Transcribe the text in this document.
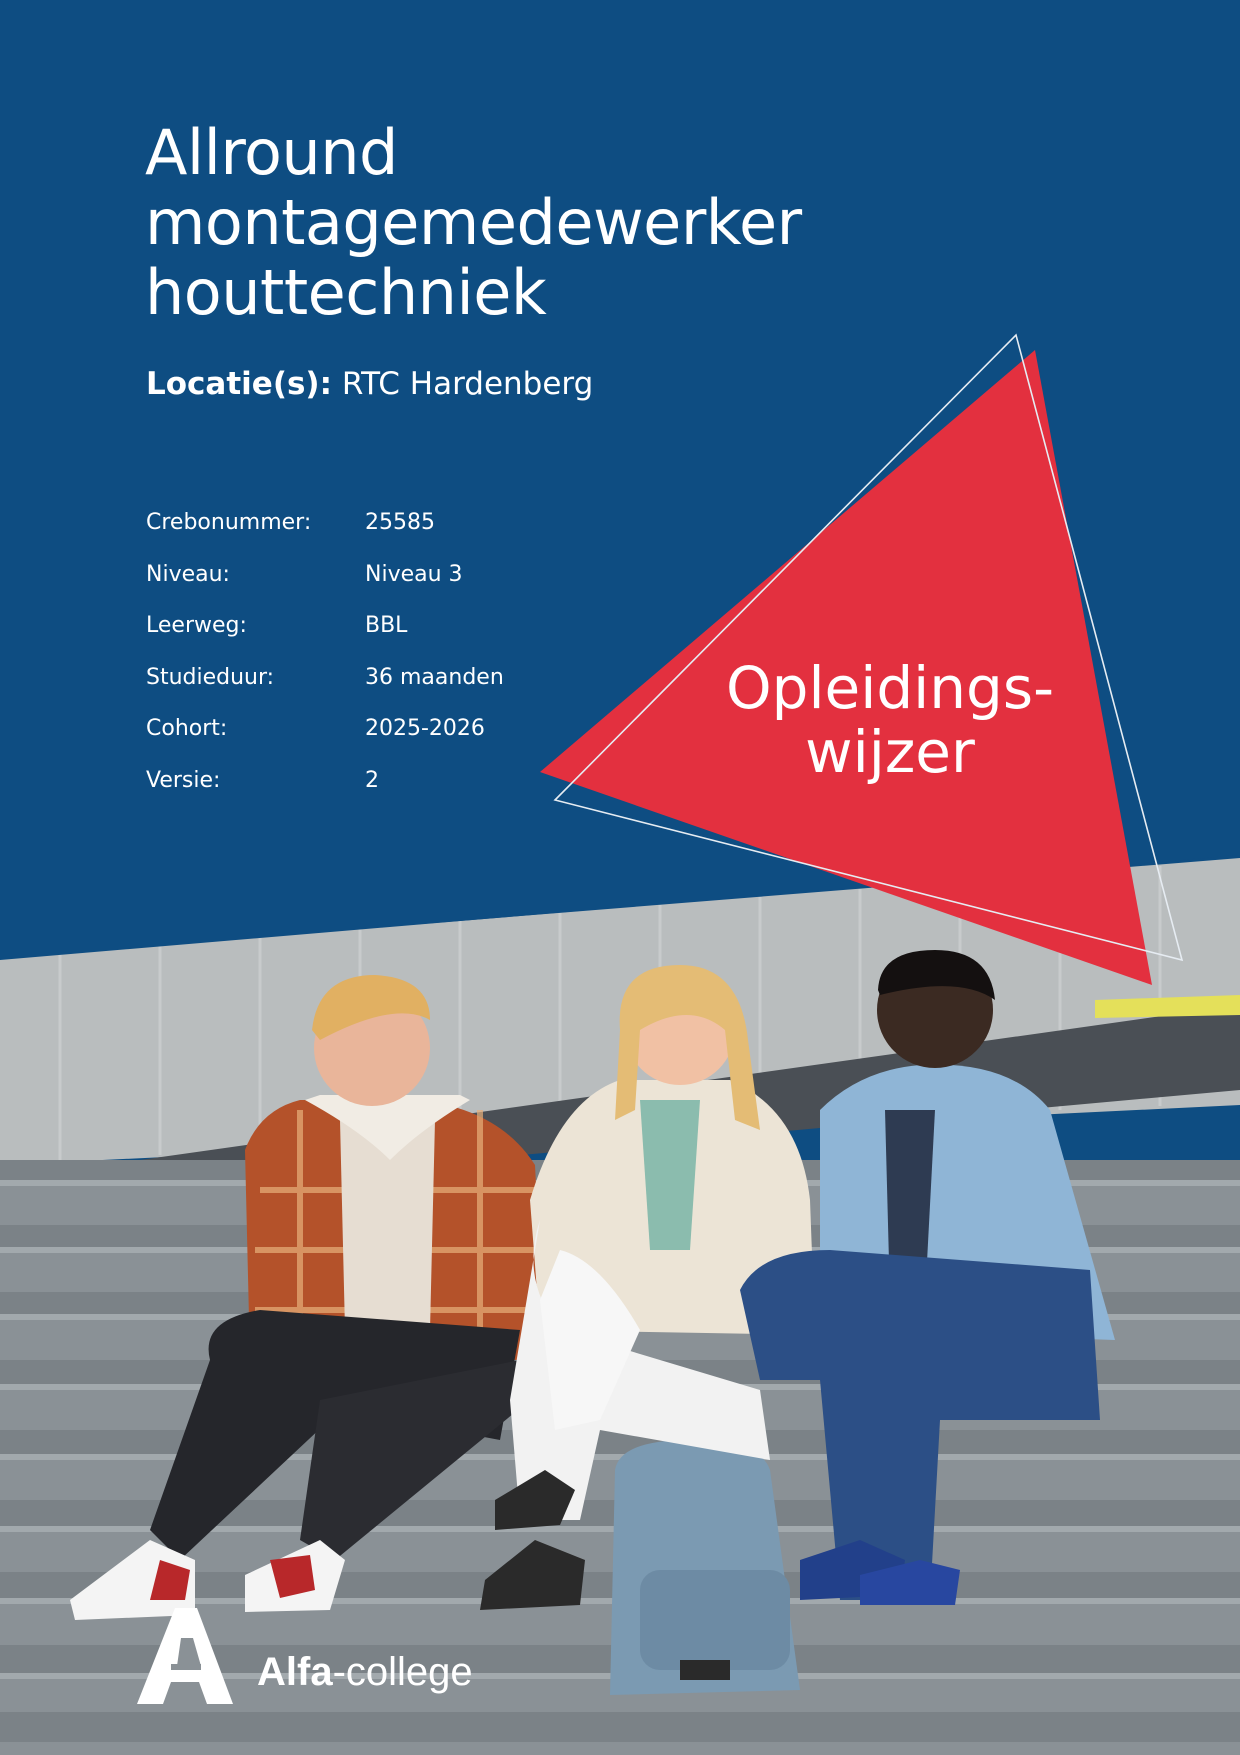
Allround
montagemedewerker
houttechniek
Locatie(s): RTC Hardenberg
Crebonummer:	25585
Niveau:	Niveau 3
Leerweg:	BBL
Studieduur:	36 maanden
Cohort:	2025-2026
Versie:	2
Opleidings-
wijzer
Alfa-college
